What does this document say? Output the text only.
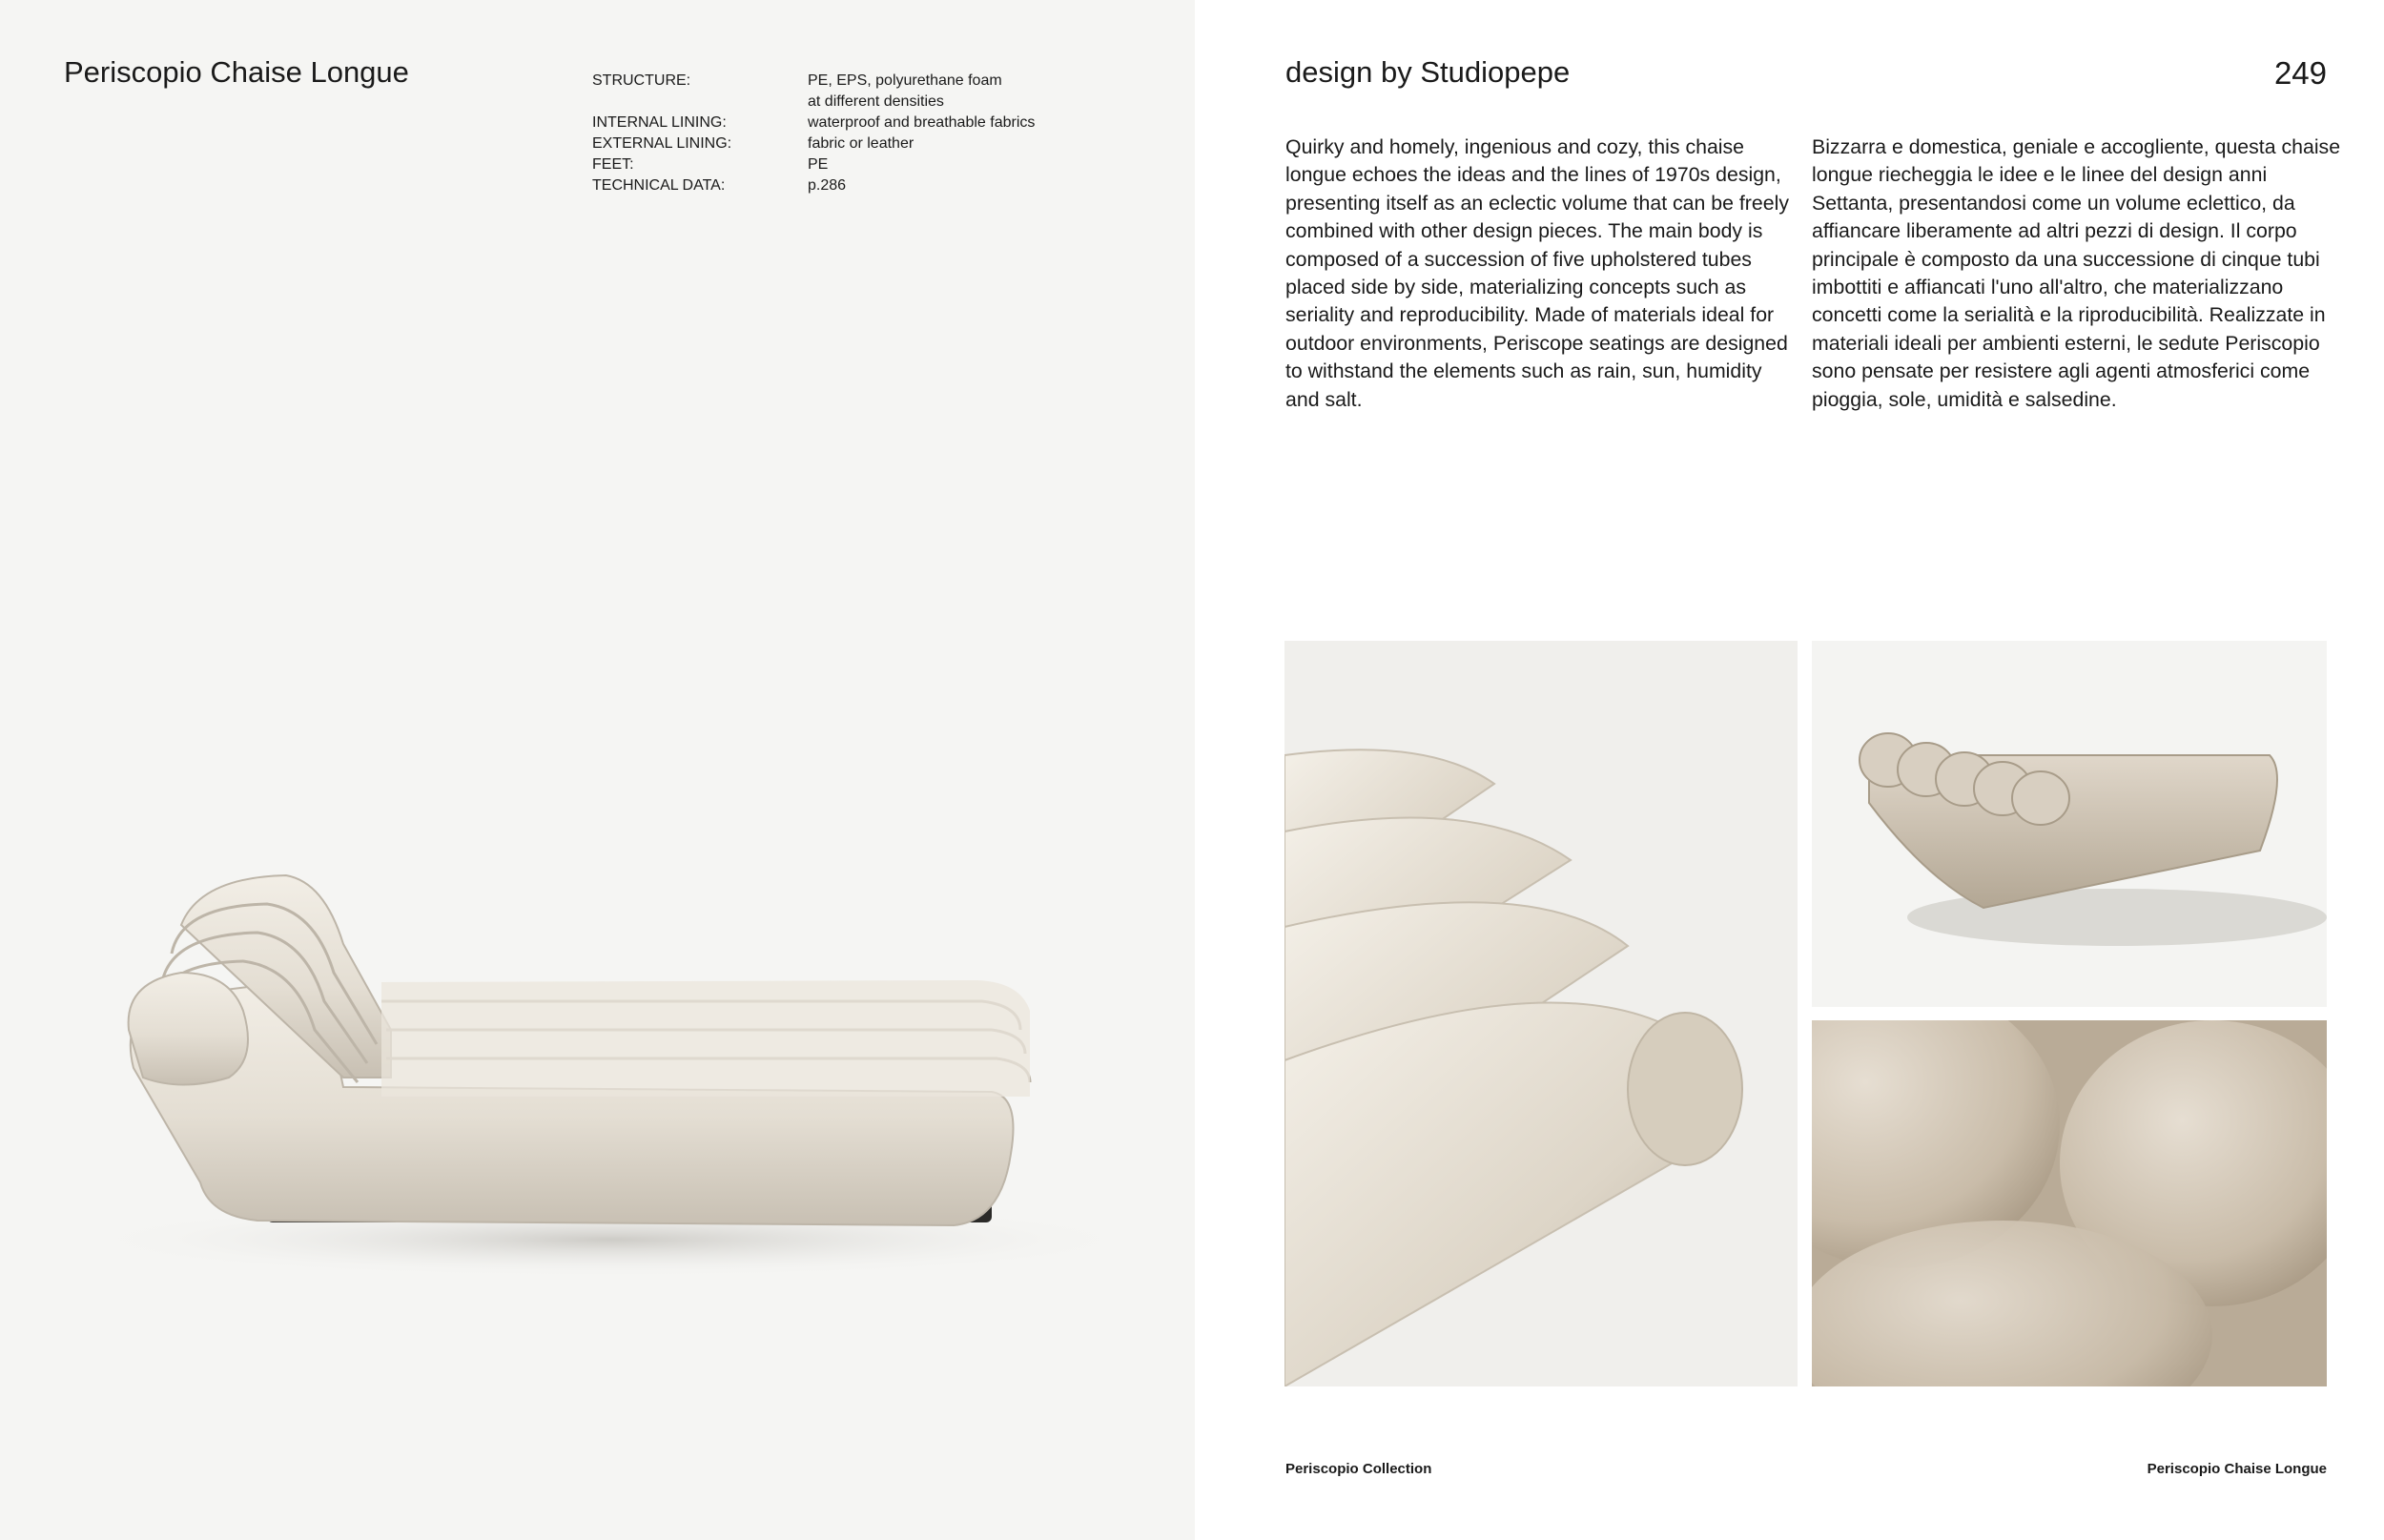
Periscopio Chaise Longue	STRUCTURE:	PE, EPS, polyurethane foam
at different densities
INTERNAL LINING:	waterproof and breathable fabrics
EXTERNAL LINING:	fabric or leather
FEET:	PE
TECHNICAL DATA:	p.286
design by Studiopepe	249

Quirky and homely, ingenious and cozy, this chaise longue echoes the ideas and the lines of 1970s design, presenting itself as an eclectic volume that can be freely combined with other design pieces. The main body is composed of a succession of five upholstered tubes placed side by side, materializing concepts such as seriality and reproducibility. Made of materials ideal for outdoor environments, Periscope seatings are designed to withstand the elements such as rain, sun, humidity and salt.

Bizzarra e domestica, geniale e accogliente, questa chaise longue riecheggia le idee e le linee del design anni Settanta, presentandosi come un volume eclettico, da affiancare liberamente ad altri pezzi di design. Il corpo principale è composto da una successione di cinque tubi imbottiti e affiancati l'uno all'altro, che materializzano concetti come la serialità e la riproducibilità. Realizzate in materiali ideali per ambienti esterni, le sedute Periscopio sono pensate per resistere agli agenti atmosferici come pioggia, sole, umidità e salsedine.

Periscopio Collection	Periscopio Chaise Longue
